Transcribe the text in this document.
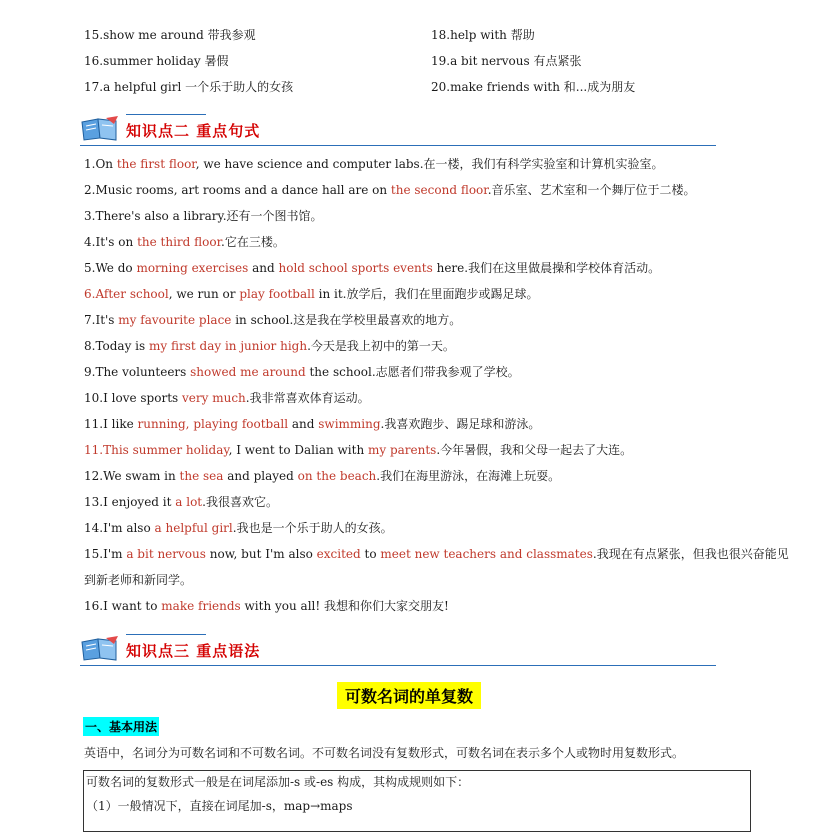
15.show me around 带我参观
16.summer holiday 暑假
17.a helpful girl 一个乐于助人的女孩
18.help with 帮助
19.a bit nervous 有点紧张
20.make friends with 和...成为朋友
知识点二 重点句式
1.On the first floor, we have science and computer labs.在一楼，我们有科学实验室和计算机实验室。
2.Music rooms, art rooms and a dance hall are on the second floor.音乐室、艺术室和一个舞厅位于二楼。
3.There's also a library.还有一个图书馆。
4.It's on the third floor.它在三楼。
5.We do morning exercises and hold school sports events here.我们在这里做晨操和学校体育活动。
6.After school, we run or play football in it.放学后，我们在里面跑步或踢足球。
7.It's my favourite place in school.这是我在学校里最喜欢的地方。
8.Today is my first day in junior high.今天是我上初中的第一天。
9.The volunteers showed me around the school.志愿者们带我参观了学校。
10.I love sports very much.我非常喜欢体育运动。
11.I like running, playing football and swimming.我喜欢跑步、踢足球和游泳。
11.This summer holiday, I went to Dalian with my parents.今年暑假，我和父母一起去了大连。
12.We swam in the sea and played on the beach.我们在海里游泳，在海滩上玩耍。
13.I enjoyed it a lot.我很喜欢它。
14.I'm also a helpful girl.我也是一个乐于助人的女孩。
15.I'm a bit nervous now, but I'm also excited to meet new teachers and classmates.我现在有点紧张，但我也很兴奋能见
到新老师和新同学。
16.I want to make friends with you all! 我想和你们大家交朋友!
知识点三 重点语法
可数名词的单复数
一、基本用法
英语中，名词分为可数名词和不可数名词。不可数名词没有复数形式，可数名词在表示多个人或物时用复数形式。
可数名词的复数形式一般是在词尾添加-s 或-es 构成，其构成规则如下：
（1）一般情况下，直接在词尾加-s，map→maps
